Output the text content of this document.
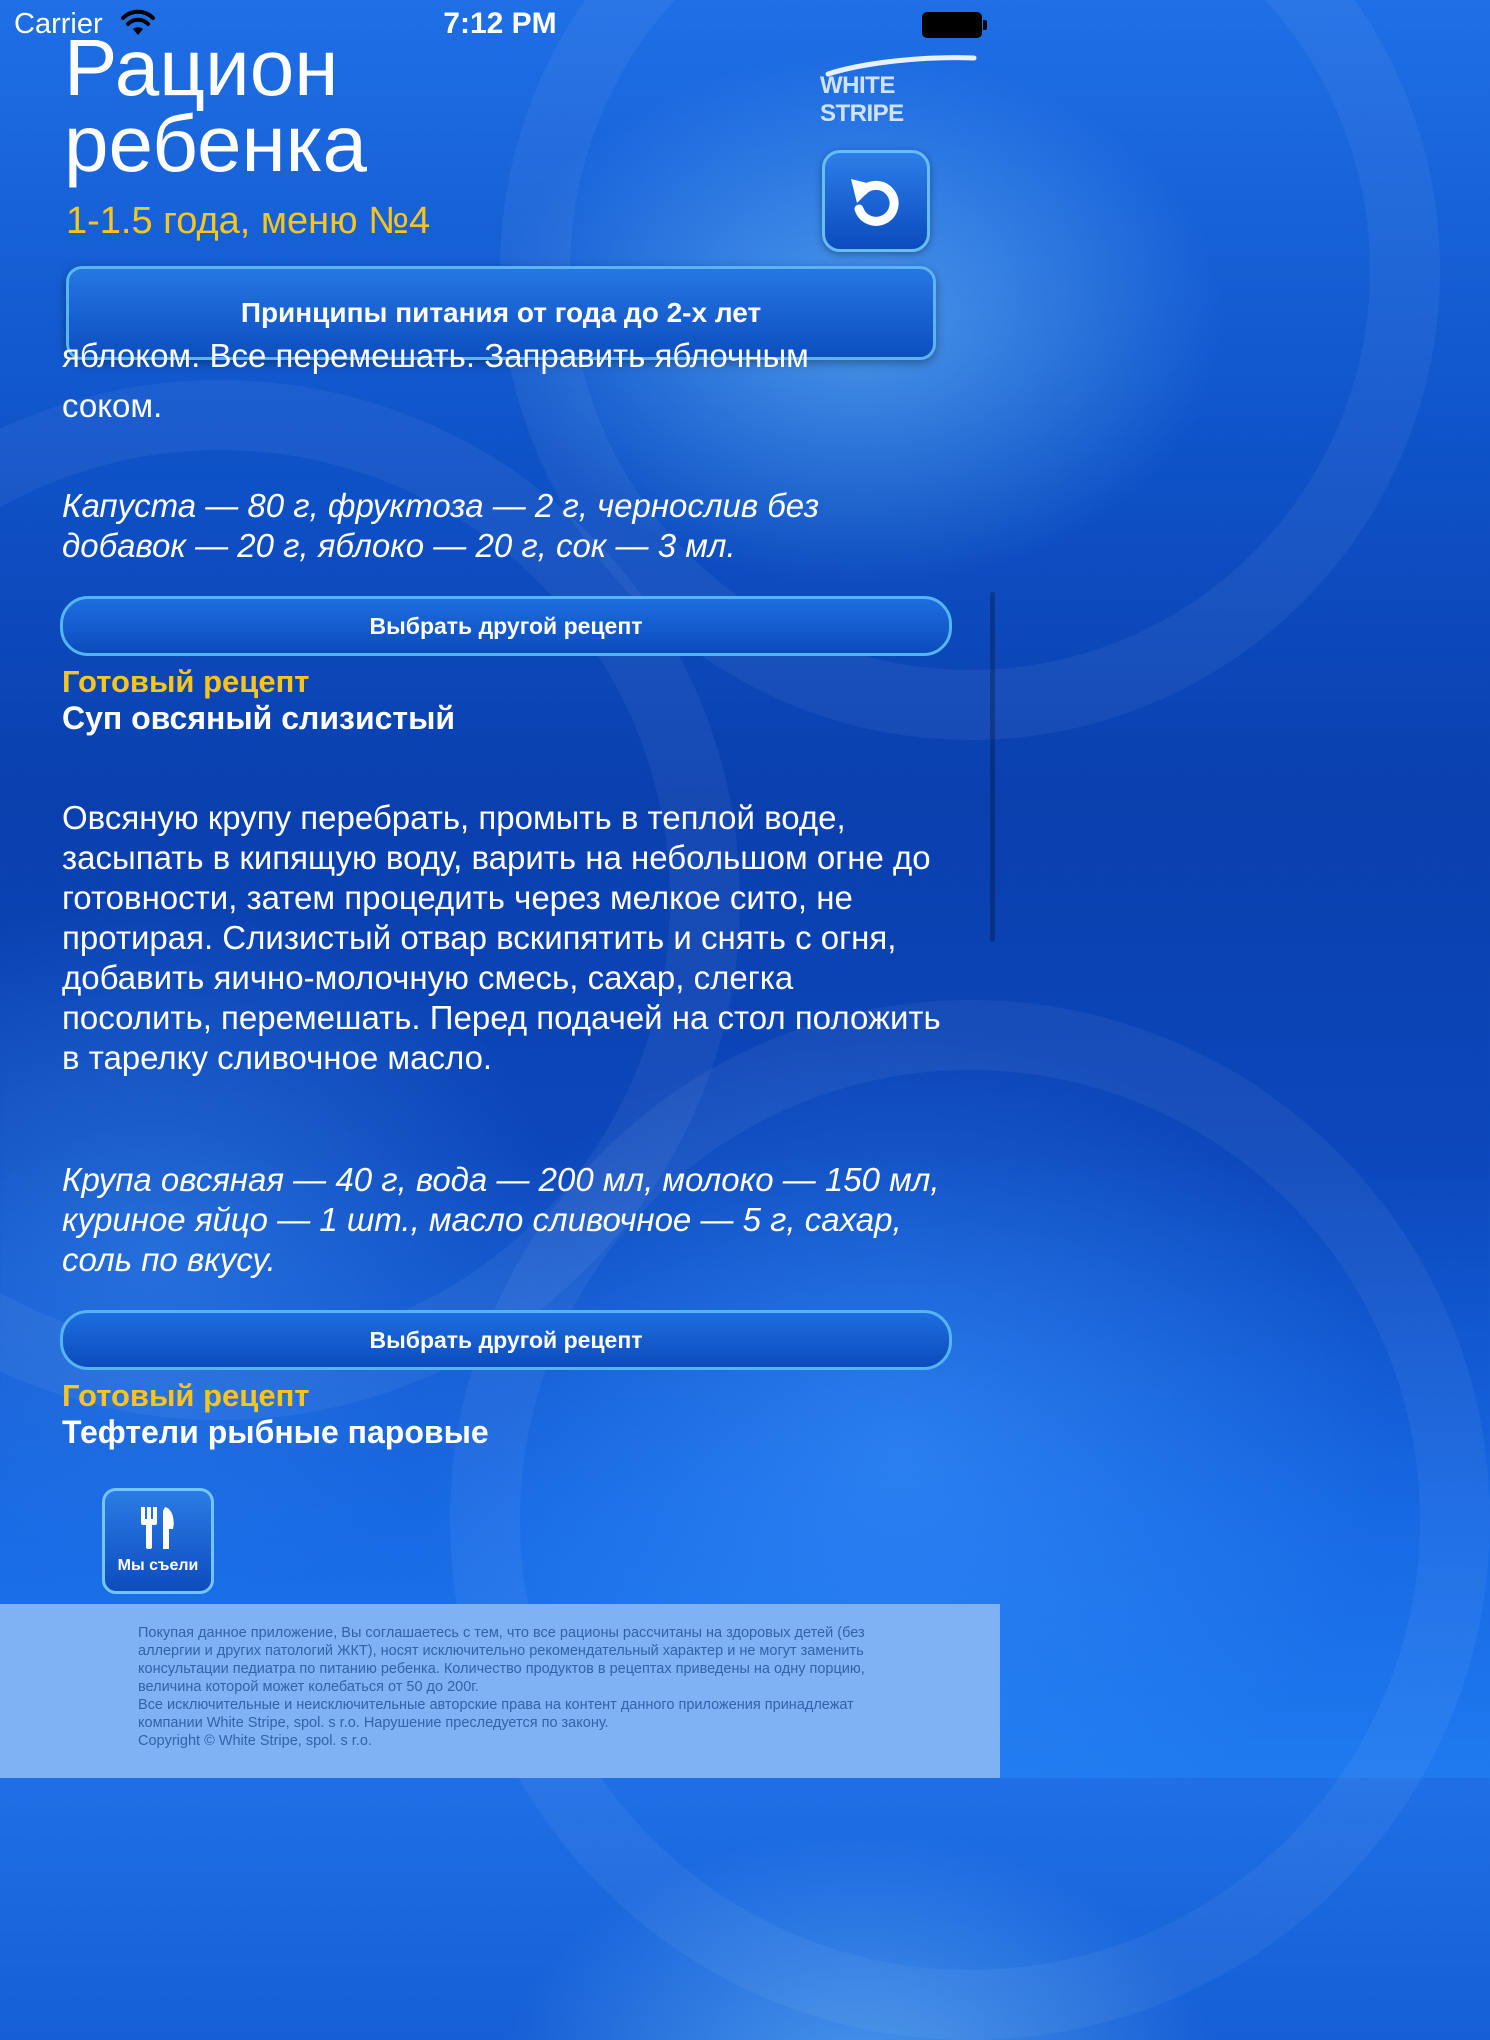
Carrier	7:12 PM
Рацион ребенка
1-1.5 года, меню №4
WHITE STRIPE
Принципы питания от года до 2-х лет
яблоком. Все перемешать. Заправить яблочным
соком.
Капуста — 80 г, фруктоза — 2 г, чернослив без добавок — 20 г, яблоко — 20 г, сок — 3 мл.
Выбрать другой рецепт
Готовый рецепт
Суп овсяный слизистый
Овсяную крупу перебрать, промыть в теплой воде, засыпать в кипящую воду, варить на небольшом огне до готовности, затем процедить через мелкое сито, не протирая. Слизистый отвар вскипятить и снять с огня, добавить яично-молочную смесь, сахар, слегка посолить, перемешать. Перед подачей на стол положить в тарелку сливочное масло.
Крупа овсяная — 40 г, вода — 200 мл, молоко — 150 мл, куриное яйцо — 1 шт., масло сливочное — 5 г, сахар, соль по вкусу.
Выбрать другой рецепт
Готовый рецепт
Тефтели рыбные паровые
Мы съели
Покупая данное приложение, Вы соглашаетесь с тем, что все рационы рассчитаны на здоровых детей (без аллергии и других патологий ЖКТ), носят исключительно рекомендательный характер и не могут заменить консультации педиатра по питанию ребенка. Количество продуктов в рецептах приведены на одну порцию, величина которой может колебаться от 50 до 200г.
Все исключительные и неисключительные авторские права на контент данного приложения принадлежат компании White Stripe, spol. s r.o. Нарушение преследуется по закону.
Copyright © White Stripe, spol. s r.o.
